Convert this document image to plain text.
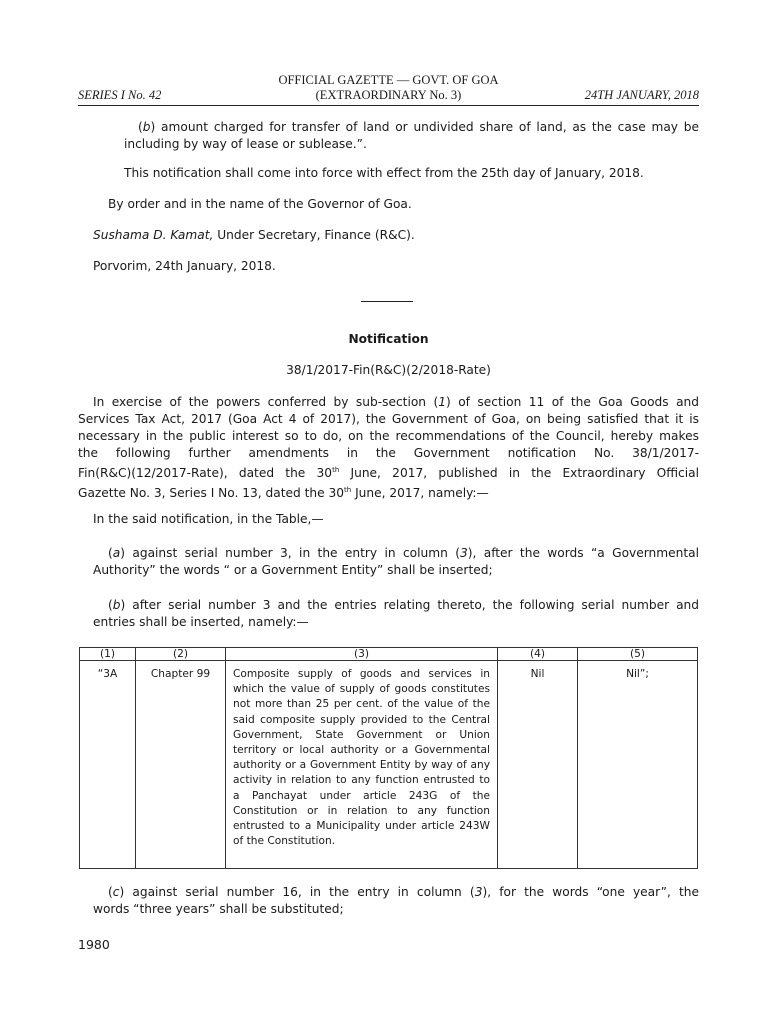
OFFICIAL GAZETTE — GOVT. OF GOA
(EXTRAORDINARY No. 3)
SERIES I No. 42	24TH JANUARY, 2018
(b) amount charged for transfer of land or undivided share of land, as the case may be
including by way of lease or sublease.”.
This notification shall come into force with effect from the 25th day of January, 2018.
By order and in the name of the Governor of Goa.
Sushama D. Kamat, Under Secretary, Finance (R&C).
Porvorim, 24th January, 2018.
Notification
38/1/2017-Fin(R&C)(2/2018-Rate)
In exercise of the powers conferred by sub-section (1) of section 11 of the Goa Goods and
Services Tax Act, 2017 (Goa Act 4 of 2017), the Government of Goa, on being satisfied that it is
necessary in the public interest so to do, on the recommendations of the Council, hereby makes
the following further amendments in the Government notification No. 38/1/2017-
Fin(R&C)(12/2017-Rate), dated the 30th June, 2017, published in the Extraordinary Official
Gazette No. 3, Series I No. 13, dated the 30th June, 2017, namely:—
In the said notification, in the Table,—
(a) against serial number 3, in the entry in column (3), after the words “a Governmental
Authority” the words “ or a Government Entity” shall be inserted;
(b) after serial number 3 and the entries relating thereto, the following serial number and
entries shall be inserted, namely:—
(1)	(2)	(3)	(4)	(5)
“3A	Chapter 99	Composite supply of goods and services in which the value of supply of goods constitutes not more than 25 per cent. of the value of the said composite supply provided to the Central Government, State Government or Union territory or local authority or a Governmental authority or a Government Entity by way of any activity in relation to any function entrusted to a Panchayat under article 243G of the Constitution or in relation to any function entrusted to a Municipality under article 243W of the Constitution.	Nil	Nil”;
(c) against serial number 16, in the entry in column (3), for the words “one year”, the
words “three years” shall be substituted;
1980
